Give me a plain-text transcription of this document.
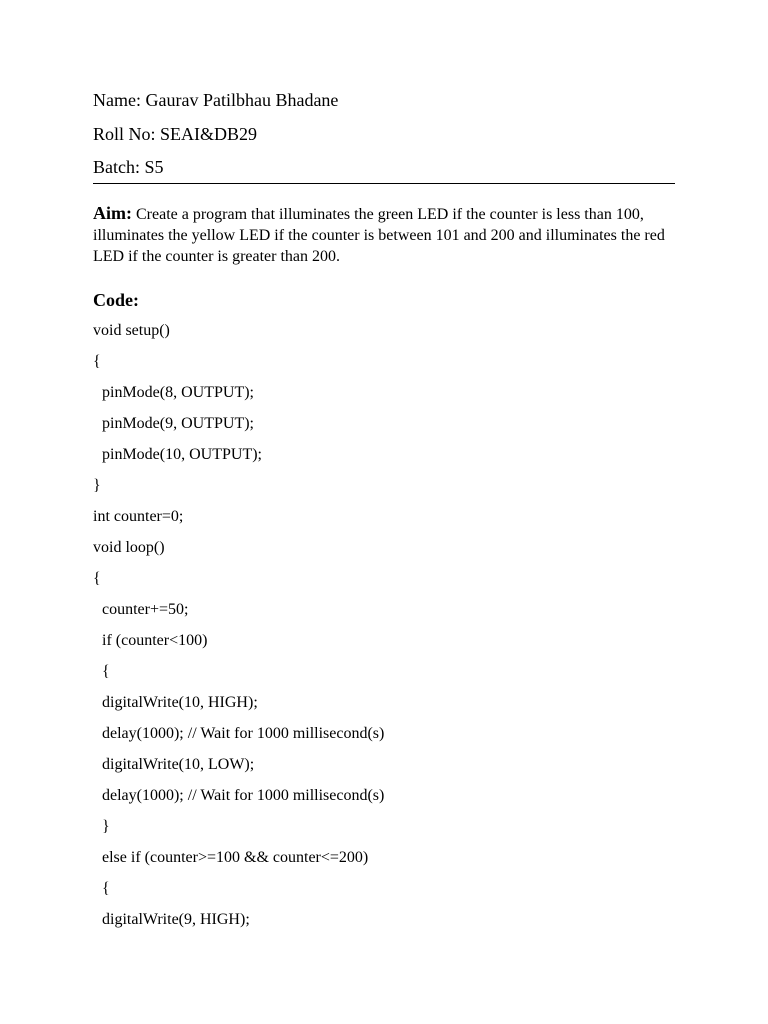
Name: Gaurav Patilbhau Bhadane
Roll No: SEAI&DB29
Batch: S5
Aim: Create a program that illuminates the green LED if the counter is less than 100, illuminates the yellow LED if the counter is between 101 and 200 and illuminates the red LED if the counter is greater than 200.
Code:
void setup()
{
pinMode(8, OUTPUT);
pinMode(9, OUTPUT);
pinMode(10, OUTPUT);
}
int counter=0;
void loop()
{
counter+=50;
if (counter<100)
{
digitalWrite(10, HIGH);
delay(1000); // Wait for 1000 millisecond(s)
digitalWrite(10, LOW);
delay(1000); // Wait for 1000 millisecond(s)
}
else if (counter>=100 && counter<=200)
{
digitalWrite(9, HIGH);
